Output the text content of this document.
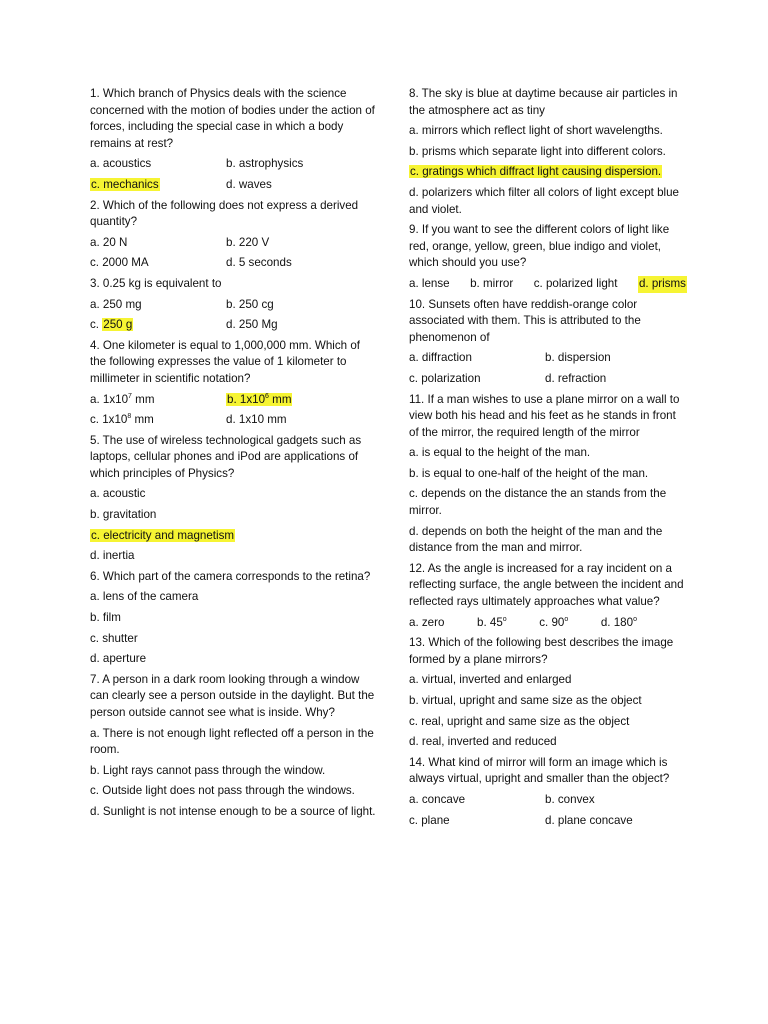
1. Which branch of Physics deals with the science concerned with the motion of bodies under the action of forces, including the special case in which a body remains at rest?
a. acoustics	b. astrophysics
c. mechanics	d. waves
2. Which of the following does not express a derived quantity?
a. 20 N	b. 220 V
c. 2000 MA	d. 5 seconds
3. 0.25 kg is equivalent to
a. 250 mg	b. 250 cg
c. 250 g	d. 250 Mg
4. One kilometer is equal to 1,000,000 mm. Which of the following expresses the value of 1 kilometer to millimeter in scientific notation?
a. $1x10^7$ mm	b. $1x10^6$ mm
c. $1x10^8$ mm	d. 1x10 mm
5. The use of wireless technological gadgets such as laptops, cellular phones and iPod are applications of which principles of Physics?
a. acoustic
b. gravitation
c. electricity and magnetism
d. inertia
6. Which part of the camera corresponds to the retina?
a. lens of the camera
b. film
c. shutter
d. aperture
7. A person in a dark room looking through a window can clearly see a person outside in the daylight. But the person outside cannot see what is inside. Why?
a. There is not enough light reflected off a person in the room.
b. Light rays cannot pass through the window.
c. Outside light does not pass through the windows.
d. Sunlight is not intense enough to be a source of light.
8. The sky is blue at daytime because air particles in the atmosphere act as tiny
a. mirrors which reflect light of short wavelengths.
b. prisms which separate light into different colors.
c. gratings which diffract light causing dispersion.
d. polarizers which filter all colors of light except blue and violet.
9. If you want to see the different colors of light like red, orange, yellow, green, blue indigo and violet, which should you use?
a. lense b. mirror c. polarized light d. prisms
10. Sunsets often have reddish-orange color associated with them. This is attributed to the phenomenon of
a. diffraction	b. dispersion
c. polarization	d. refraction
11. If a man wishes to use a plane mirror on a wall to view both his head and his feet as he stands in front of the mirror, the required length of the mirror
a. is equal to the height of the man.
b. is equal to one-half of the height of the man.
c. depends on the distance the an stands from the mirror.
d. depends on both the height of the man and the distance from the man and mirror.
12. As the angle is increased for a ray incident on a reflecting surface, the angle between the incident and reflected rays ultimately approaches what value?
a. zero	b. 45$^o$	c. 90$^o$	d. 180$^o$
13. Which of the following best describes the image formed by a plane mirrors?
a. virtual, inverted and enlarged
b. virtual, upright and same size as the object
c. real, upright and same size as the object
d. real, inverted and reduced
14. What kind of mirror will form an image which is always virtual, upright and smaller than the object?
a. concave	b. convex
c. plane	d. plane concave
